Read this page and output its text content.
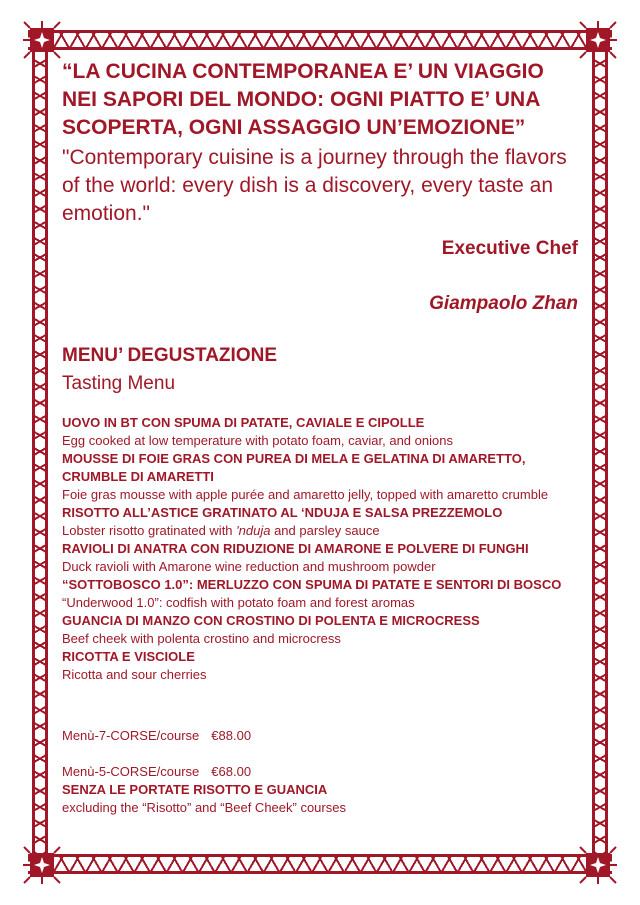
“LA CUCINA CONTEMPORANEA E’ UN VIAGGIO NEI SAPORI DEL MONDO: OGNI PIATTO E’ UNA SCOPERTA, OGNI ASSAGGIO UN’EMOZIONE”

"Contemporary cuisine is a journey through the flavors of the world: every dish is a discovery, every taste an emotion."

Executive Chef
Giampaolo Zhan

MENU’ DEGUSTAZIONE

Tasting Menu

UOVO IN BT CON SPUMA DI PATATE, CAVIALE E CIPOLLE
Egg cooked at low temperature with potato foam, caviar, and onions
MOUSSE DI FOIE GRAS CON PUREA DI MELA E GELATINA DI AMARETTO, CRUMBLE DI AMARETTI
Foie gras mousse with apple purée and amaretto jelly, topped with amaretto crumble
RISOTTO ALL’ASTICE GRATINATO AL ‘NDUJA E SALSA PREZZEMOLO
Lobster risotto gratinated with 'nduja and parsley sauce
RAVIOLI DI ANATRA CON RIDUZIONE DI AMARONE E POLVERE DI FUNGHI
Duck ravioli with Amarone wine reduction and mushroom powder
“SOTTOBOSCO 1.0”: MERLUZZO CON SPUMA DI PATATE E SENTORI DI BOSCO
“Underwood 1.0”: codfish with potato foam and forest aromas
GUANCIA DI MANZO CON CROSTINO DI POLENTA E MICROCRESS
Beef cheek with polenta crostino and microcress
RICOTTA E VISCIOLE
Ricotta and sour cherries
Menù-7-CORSE/course €88.00
Menù-5-CORSE/course €68.00
SENZA LE PORTATE RISOTTO E GUANCIA
excluding the “Risotto” and “Beef Cheek” courses
